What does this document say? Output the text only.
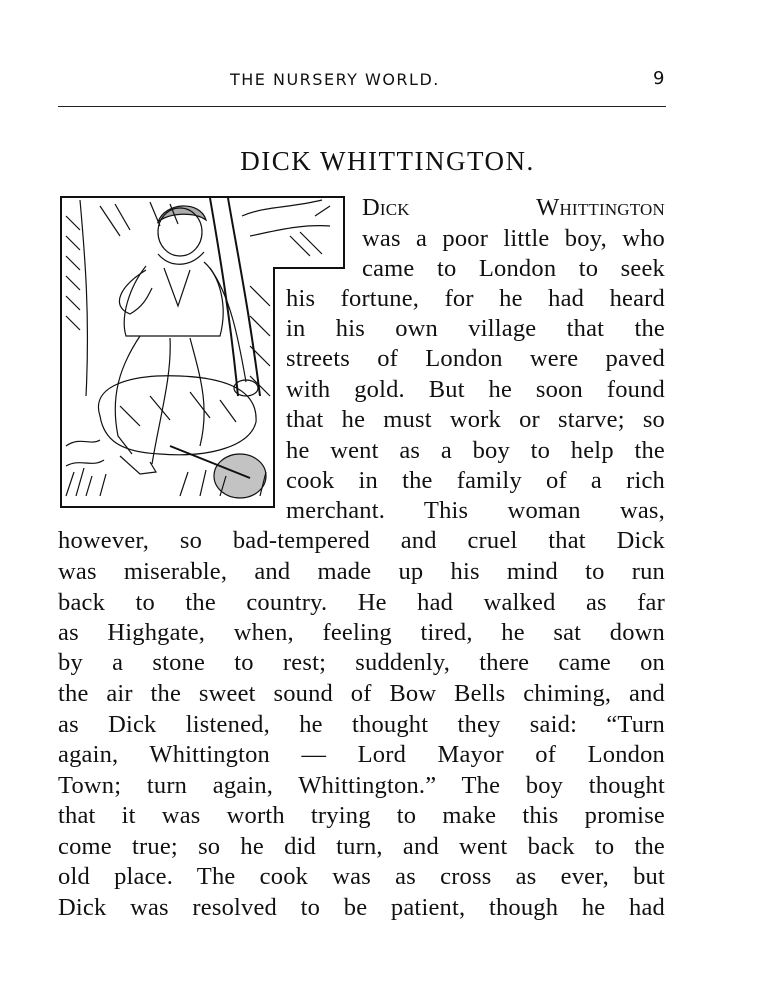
THE NURSERY WORLD.	9
DICK WHITTINGTON.
Dick Whittington
was a poor little boy, who
came to London to seek
his fortune, for he had heard
in his own village that the
streets of London were paved
with gold. But he soon found
that he must work or starve; so
he went as a boy to help the
cook in the family of a rich
merchant. This woman was,
however, so bad-tempered and cruel that Dick
was miserable, and made up his mind to run
back to the country. He had walked as far
as Highgate, when, feeling tired, he sat down
by a stone to rest; suddenly, there came on
the air the sweet sound of Bow Bells chiming, and
as Dick listened, he thought they said: “Turn
again, Whittington — Lord Mayor of London
Town; turn again, Whittington.” The boy thought
that it was worth trying to make this promise
come true; so he did turn, and went back to the
old place. The cook was as cross as ever, but
Dick was resolved to be patient, though he had
